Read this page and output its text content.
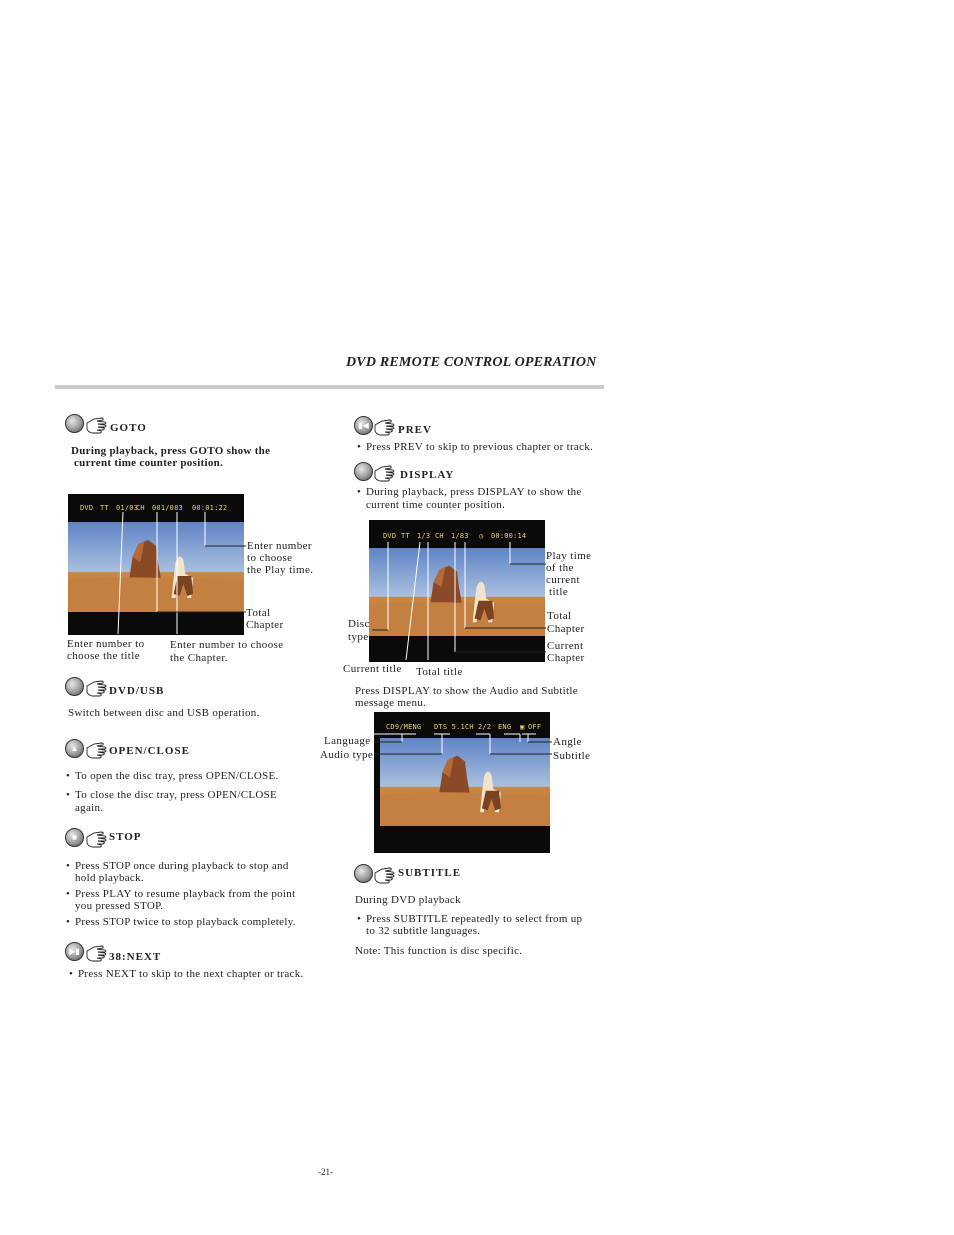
DVD REMOTE CONTROL OPERATION
GOTO
During playback, press GOTO show the
current time counter position.
DVD TT 01/03
CH 001/083 00:01:22
Enter number
to choose
the Play time.
Total
Chapter
Enter number to
choose the title
Enter number to choose
the Chapter.
DVD/USB
Switch between disc and USB operation.
▲	OPEN/CLOSE
• To open the disc tray, press OPEN/CLOSE.
• To close the disc tray, press OPEN/CLOSE
again.
■	STOP
• Press STOP once during playback to stop and
hold playback.
• Press PLAY to resume playback from the point
you pressed STOP.
• Press STOP twice to stop playback completely.
▶▮	38:NEXT
• Press NEXT to skip to the next chapter or track.
▮◀	PREV
• Press PREV to skip to previous chapter or track.
DISPLAY
• During playback, press DISPLAY to show the
current time counter position.
DVD TT 1/3 CH 1/83 ◷ 00:00:14
Play time
of the
current
title
Total
Chapter
Current
Chapter
Disc
type
Current title Total title
Press DISPLAY to show the Audio and Subtitle
message menu.
CD9/MENG DTS 5.1CH 2/2 ENG ▣ OFF
Language
Audio type
Angle
Subtitle
SUBTITLE
During DVD playback
• Press SUBTITLE repeatedly to select from up
to 32 subtitle languages.
Note: This function is disc specific.
-21-
